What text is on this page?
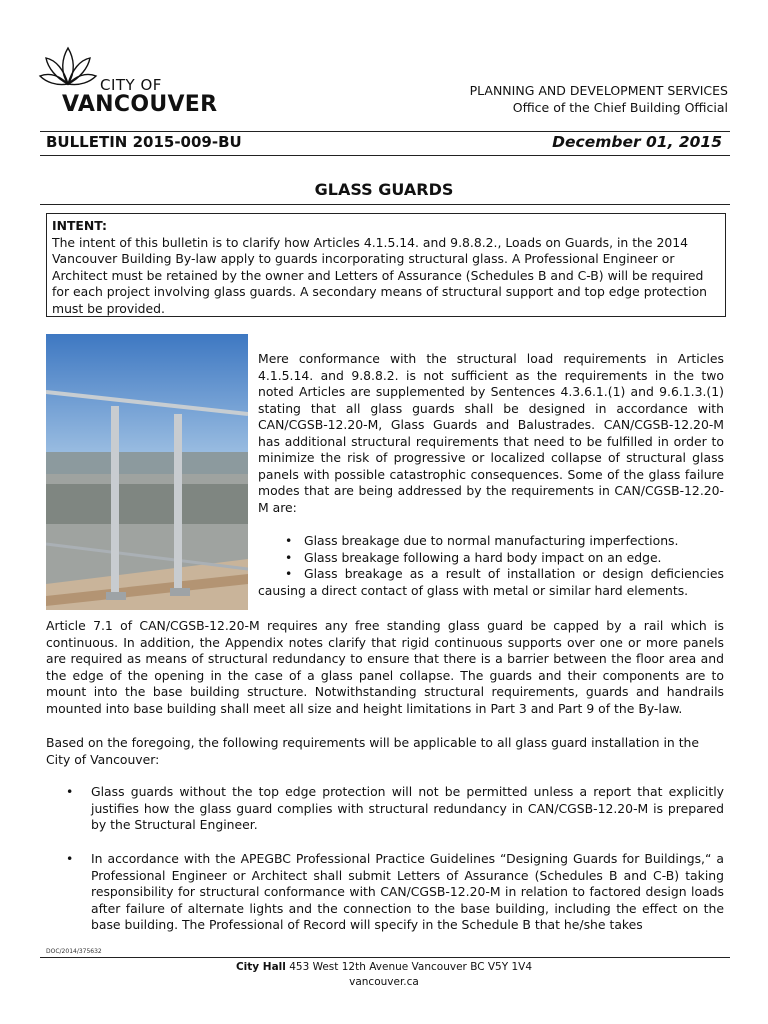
CITY OF
VANCOUVER
PLANNING AND DEVELOPMENT SERVICES
Office of the Chief Building Official
BULLETIN 2015-009-BU	December 01, 2015
GLASS GUARDS
INTENT:
The intent of this bulletin is to clarify how Articles 4.1.5.14. and 9.8.8.2., Loads on Guards, in the 2014 Vancouver Building By-law apply to guards incorporating structural glass. A Professional Engineer or Architect must be retained by the owner and Letters of Assurance (Schedules B and C-B) will be required for each project involving glass guards. A secondary means of structural support and top edge protection must be provided.
Mere conformance with the structural load requirements in Articles 4.1.5.14. and 9.8.8.2. is not sufficient as the requirements in the two noted Articles are supplemented by Sentences 4.3.6.1.(1) and 9.6.1.3.(1) stating that all glass guards shall be designed in accordance with CAN/CGSB-12.20-M, Glass Guards and Balustrades. CAN/CGSB-12.20-M has additional structural requirements that need to be fulfilled in order to minimize the risk of progressive or localized collapse of structural glass panels with possible catastrophic consequences. Some of the glass failure modes that are being addressed by the requirements in CAN/CGSB-12.20-M are:
• Glass breakage due to normal manufacturing imperfections.
• Glass breakage following a hard body impact on an edge.
• Glass breakage as a result of installation or design deficiencies causing a direct contact of glass with metal or similar hard elements.
Article 7.1 of CAN/CGSB-12.20-M requires any free standing glass guard be capped by a rail which is continuous. In addition, the Appendix notes clarify that rigid continuous supports over one or more panels are required as means of structural redundancy to ensure that there is a barrier between the floor area and the edge of the opening in the case of a glass panel collapse. The guards and their components are to mount into the base building structure. Notwithstanding structural requirements, guards and handrails mounted into base building shall meet all size and height limitations in Part 3 and Part 9 of the By-law.
Based on the foregoing, the following requirements will be applicable to all glass guard installation in the City of Vancouver:
• Glass guards without the top edge protection will not be permitted unless a report that explicitly justifies how the glass guard complies with structural redundancy in CAN/CGSB-12.20-M is prepared by the Structural Engineer.
• In accordance with the APEGBC Professional Practice Guidelines “Designing Guards for Buildings,“ a Professional Engineer or Architect shall submit Letters of Assurance (Schedules B and C-B) taking responsibility for structural conformance with CAN/CGSB-12.20-M in relation to factored design loads after failure of alternate lights and the connection to the base building, including the effect on the base building. The Professional of Record will specify in the Schedule B that he/she takes
DOC/2014/375632
City Hall 453 West 12th Avenue Vancouver BC V5Y 1V4
vancouver.ca
